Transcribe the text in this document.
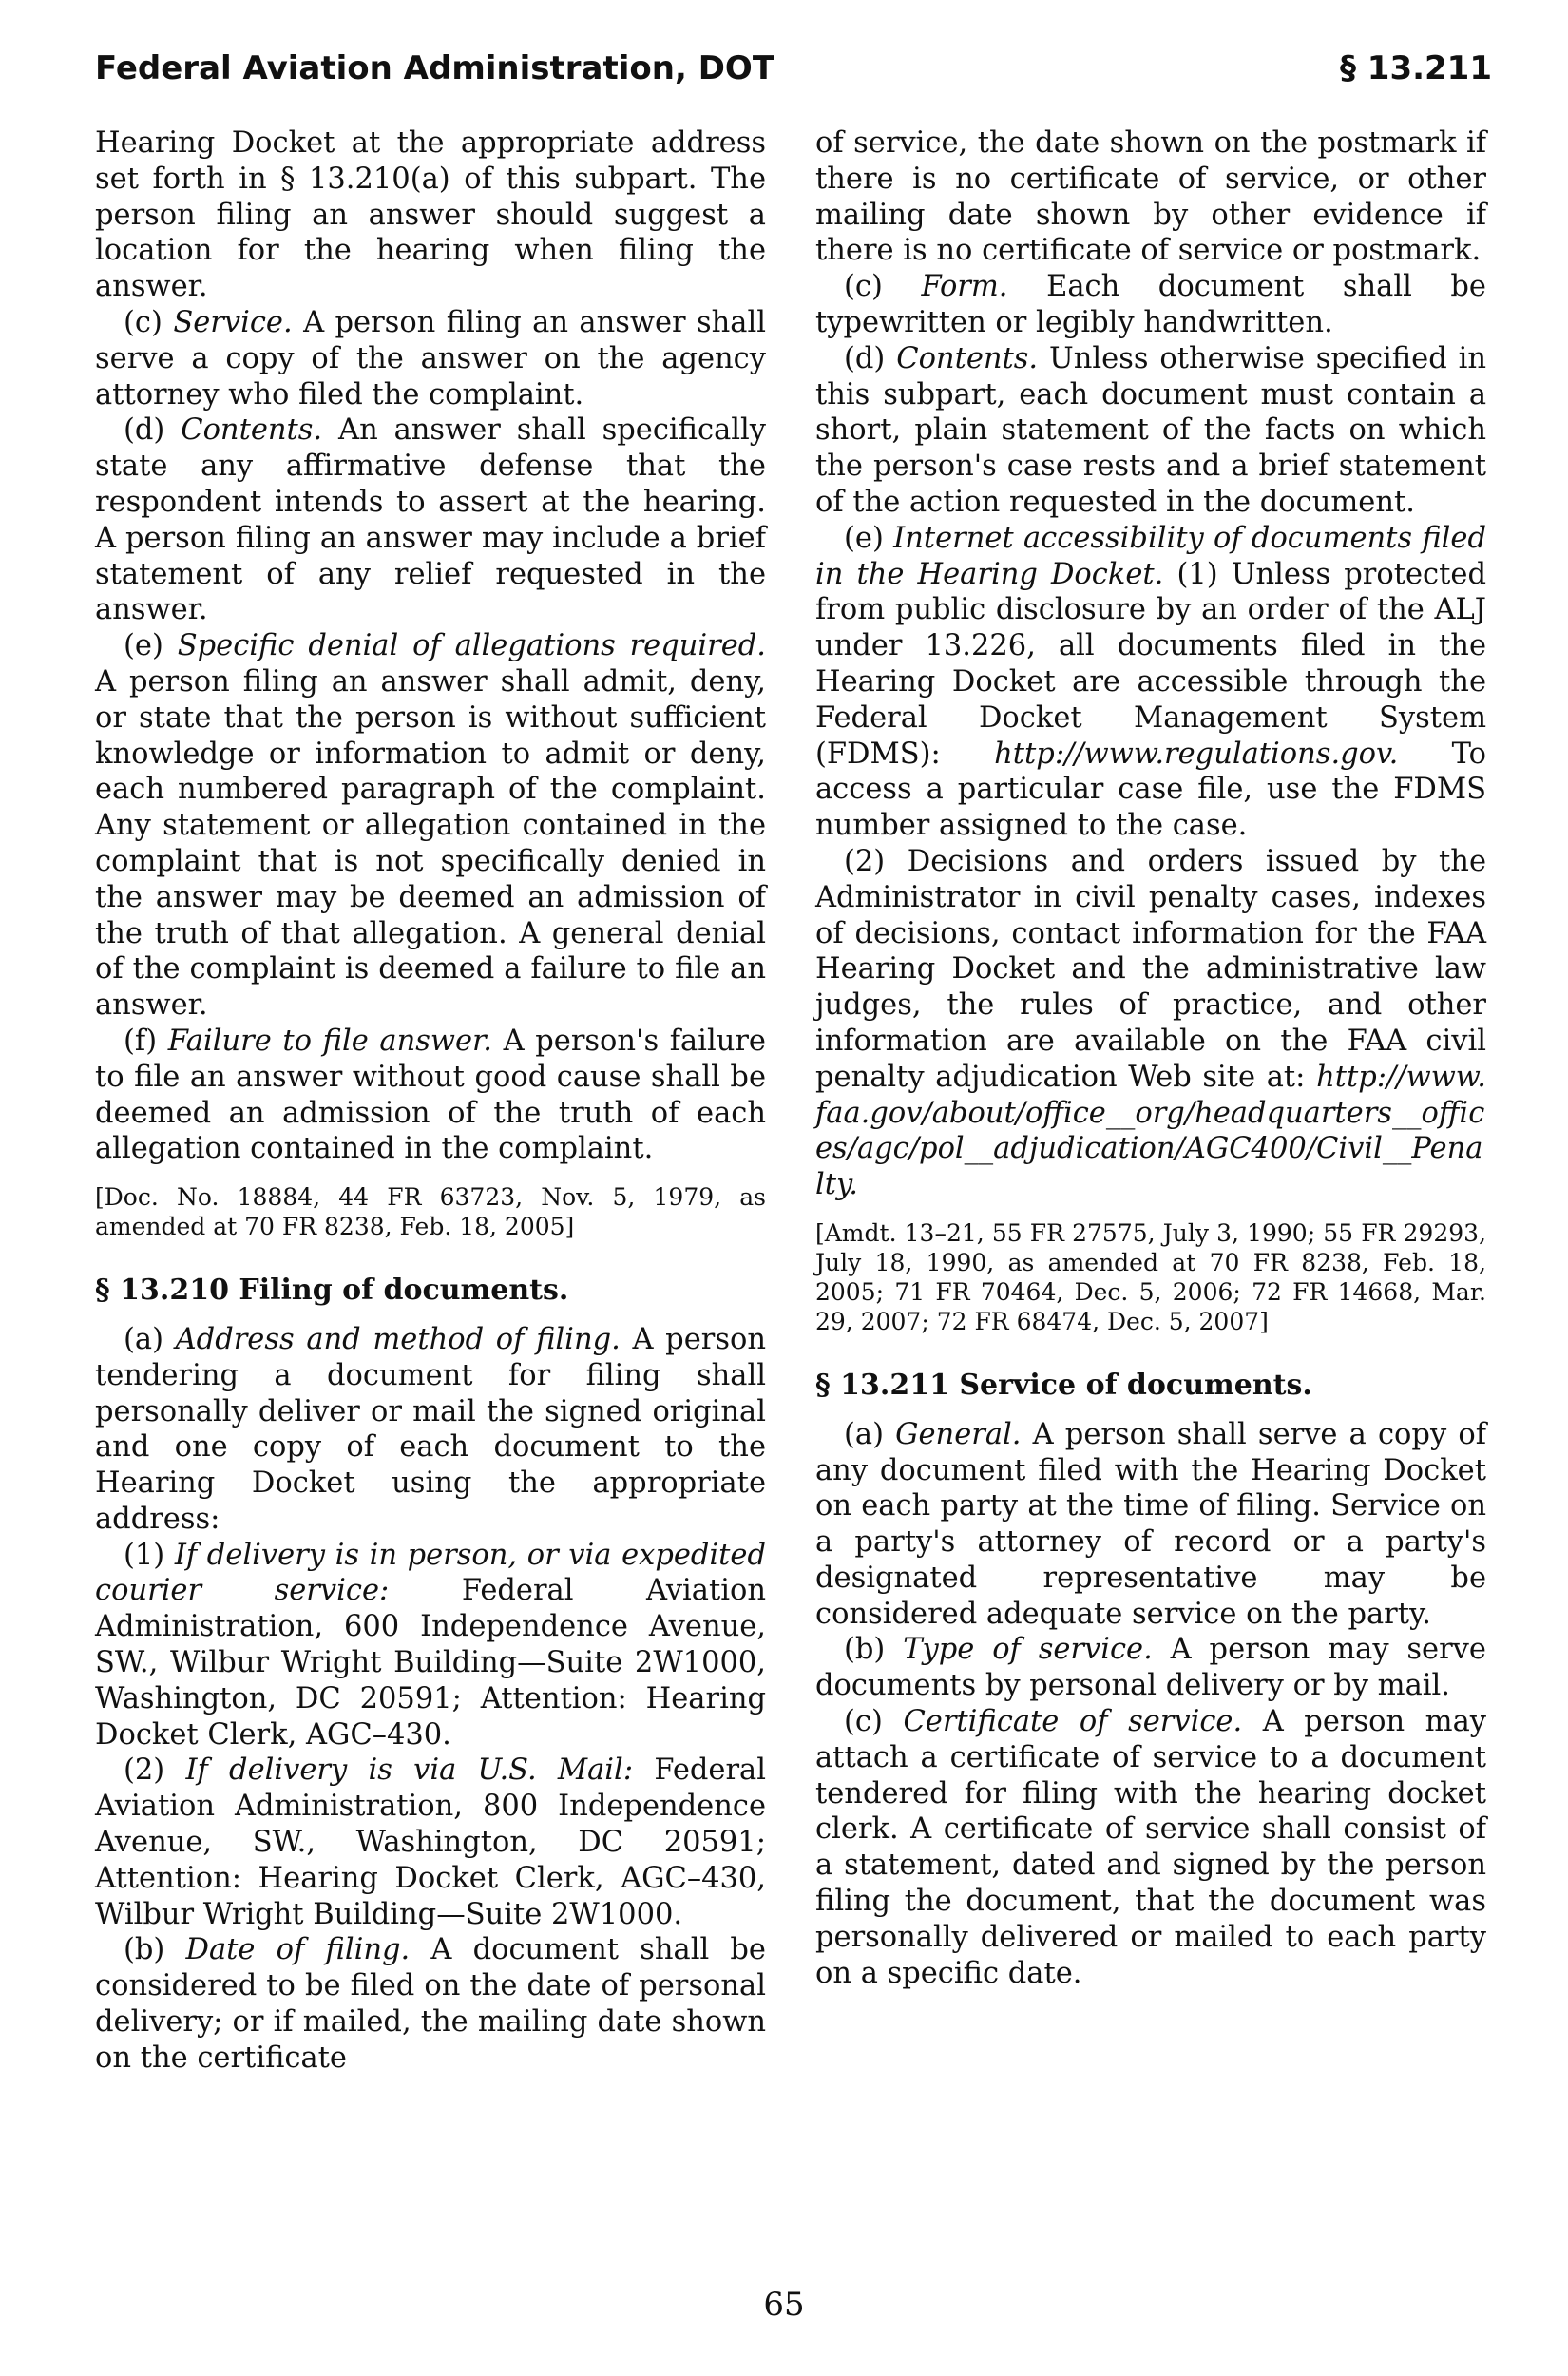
Federal Aviation Administration, DOT	§ 13.211

Hearing Docket at the appropriate address set forth in § 13.210(a) of this subpart. The person filing an answer should suggest a location for the hearing when filing the answer.

(c) Service. A person filing an answer shall serve a copy of the answer on the agency attorney who filed the complaint.

(d) Contents. An answer shall specifically state any affirmative defense that the respondent intends to assert at the hearing. A person filing an answer may include a brief statement of any relief requested in the answer.

(e) Specific denial of allegations required. A person filing an answer shall admit, deny, or state that the person is without sufficient knowledge or information to admit or deny, each numbered paragraph of the complaint. Any statement or allegation contained in the complaint that is not specifically denied in the answer may be deemed an admission of the truth of that allegation. A general denial of the complaint is deemed a failure to file an answer.

(f) Failure to file answer. A person's failure to file an answer without good cause shall be deemed an admission of the truth of each allegation contained in the complaint.

[Doc. No. 18884, 44 FR 63723, Nov. 5, 1979, as amended at 70 FR 8238, Feb. 18, 2005]

§ 13.210 Filing of documents.

(a) Address and method of filing. A person tendering a document for filing shall personally deliver or mail the signed original and one copy of each document to the Hearing Docket using the appropriate address:

(1) If delivery is in person, or via expedited courier service:	Federal Aviation Administration, 600 Independence Avenue, SW., Wilbur Wright Building—Suite 2W1000, Washington, DC 20591; Attention: Hearing Docket Clerk, AGC–430.

(2) If delivery is via U.S. Mail: Federal Aviation Administration, 800 Independence Avenue, SW., Washington, DC 20591; Attention: Hearing Docket Clerk, AGC–430, Wilbur Wright Building—Suite 2W1000.

(b) Date of filing. A document shall be considered to be filed on the date of personal delivery; or if mailed, the mailing date shown on the certificate

of service, the date shown on the postmark if there is no certificate of service, or other mailing date shown by other evidence if there is no certificate of service or postmark.

(c) Form. Each document shall be typewritten or legibly handwritten.

(d) Contents. Unless otherwise specified in this subpart, each document must contain a short, plain statement of the facts on which the person's case rests and a brief statement of the action requested in the document.

(e) Internet accessibility of documents filed in the Hearing Docket. (1) Unless protected from public disclosure by an order of the ALJ under 13.226, all documents filed in the Hearing Docket are accessible through the Federal Docket Management System (FDMS): http://www.regulations.gov. To access a particular case file, use the FDMS number assigned to the case.

(2) Decisions and orders issued by the Administrator in civil penalty cases, indexes of decisions, contact information for the FAA Hearing Docket and the administrative law judges, the rules of practice, and other information are available on the FAA civil penalty adjudication Web site at: http://www.faa.gov/about/office__org/headquarters__offices/agc/pol__adjudication/AGC400/Civil__Penalty.

[Amdt. 13–21, 55 FR 27575, July 3, 1990; 55 FR 29293, July 18, 1990, as amended at 70 FR 8238, Feb. 18, 2005; 71 FR 70464, Dec. 5, 2006; 72 FR 14668, Mar. 29, 2007; 72 FR 68474, Dec. 5, 2007]

§ 13.211 Service of documents.

(a) General. A person shall serve a copy of any document filed with the Hearing Docket on each party at the time of filing. Service on a party's attorney of record or a party's designated representative may be considered adequate service on the party.

(b) Type of service. A person may serve documents by personal delivery or by mail.

(c) Certificate of service. A person may attach a certificate of service to a document tendered for filing with the hearing docket clerk. A certificate of service shall consist of a statement, dated and signed by the person filing the document, that the document was personally delivered or mailed to each party on a specific date.

65
